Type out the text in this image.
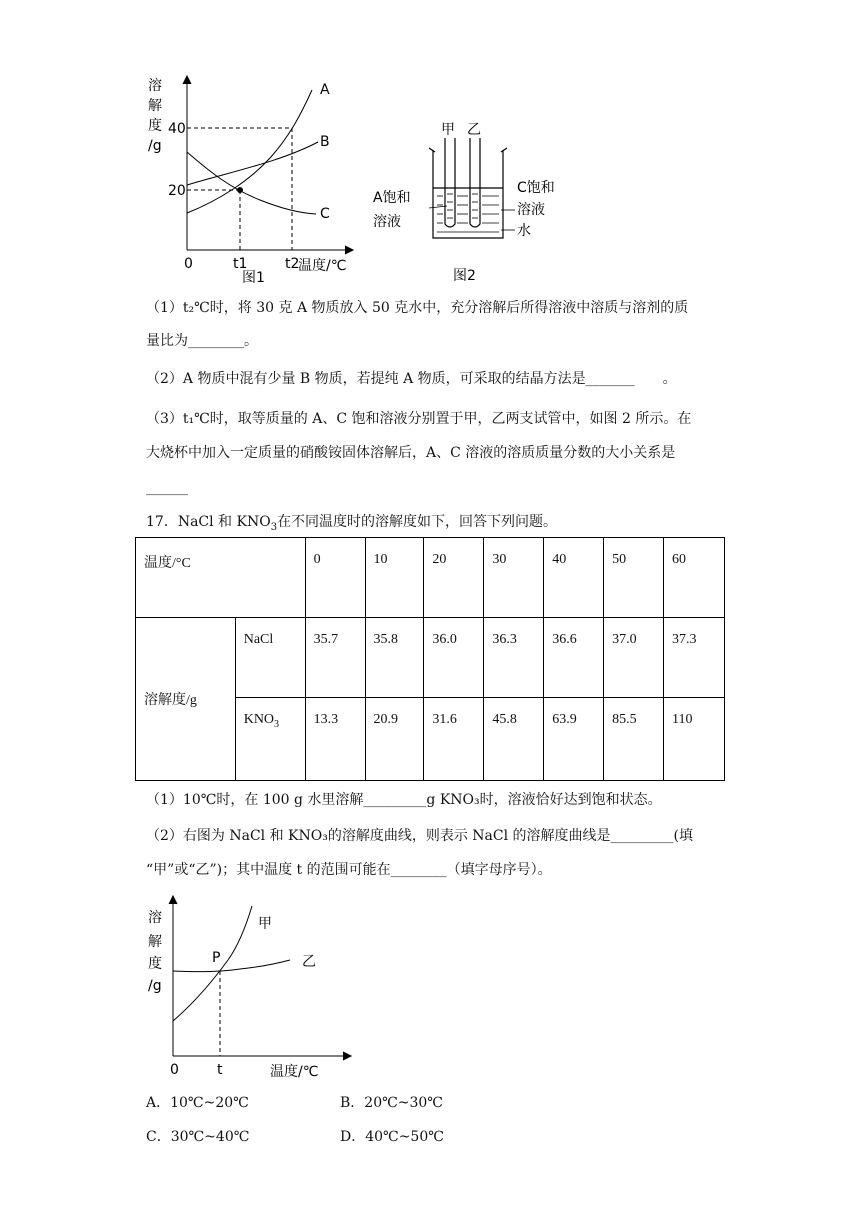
溶
解
度
/g
40
20
0	t1	t2
温度/℃
A
B
C
图1
甲 乙
A饱和
溶液
C饱和
溶液
水
图2
（1）t₂℃时，将 30 克 A 物质放入 50 克水中，充分溶解后所得溶液中溶质与溶剂的质
量比为________。
（2）A 物质中混有少量 B 物质，若提纯 A 物质，可采取的结晶方法是_______　　。
（3）t₁℃时，取等质量的 A、C 饱和溶液分别置于甲，乙两支试管中，如图 2 所示。在
大烧杯中加入一定质量的硝酸铵固体溶解后，A、C 溶液的溶质质量分数的大小关系是
______
17．NaCl 和 $KNO_3$在不同温度时的溶解度如下，回答下列问题。
温度/°C		0	10	20	30	40	50	60
溶解度/g	NaCl	35.7	35.8	36.0	36.3	36.6	37.0	37.3
	$KNO_3$	13.3	20.9	31.6	45.8	63.9	85.5	110
（1）10℃时，在 100 g 水里溶解_________g KNO₃时，溶液恰好达到饱和状态。
（2）右图为 NaCl 和 KNO₃的溶解度曲线，则表示 NaCl 的溶解度曲线是_________(填
“甲”或“乙”)；其中温度 t 的范围可能在________（填字母序号）。
溶
解
度
/g
甲
乙
P
0	t	温度/℃
A．10℃~20℃	B．20℃~30℃
C．30℃~40℃	D．40℃~50℃
